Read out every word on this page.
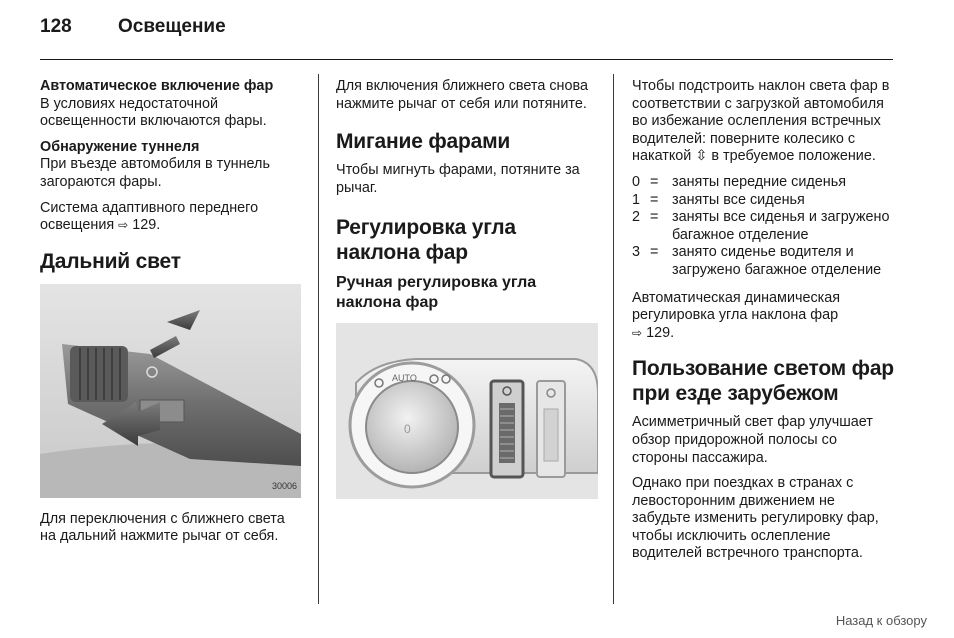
128 Освещение

Автоматическое включение фар
В условиях недостаточной освещенности включаются фары.

Обнаружение туннеля
При въезде автомобиля в туннель загораются фары.

Система адаптивного переднего освещения ⇨ 129.

Дальний свет
30006

Для переключения с ближнего света на дальний нажмите рычаг от себя.

Для включения ближнего света снова нажмите рычаг от себя или потяните.

Мигание фарами

Чтобы мигнуть фарами, потяните за рычаг.

Регулировка угла наклона фар
Ручная регулировка угла наклона фар
AUTO
0

Чтобы подстроить наклон света фар в соответствии с загрузкой автомобиля во избежание ослепления встречных водителей: поверните колесико с накаткой ⇳ в требуемое положение.

0 = заняты передние сиденья
1 = заняты все сиденья
2 = заняты все сиденья и загружено багажное отделение
3 = занято сиденье водителя и загружено багажное отделение

Автоматическая динамическая регулировка угла наклона фар
⇨ 129.

Пользование светом фар при езде зарубежом

Асимметричный свет фар улучшает обзор придорожной полосы со стороны пассажира.

Однако при поездках в странах с левосторонним движением не забудьте изменить регулировку фар, чтобы исключить ослепление водителей встречного транспорта.

Назад к обзору
